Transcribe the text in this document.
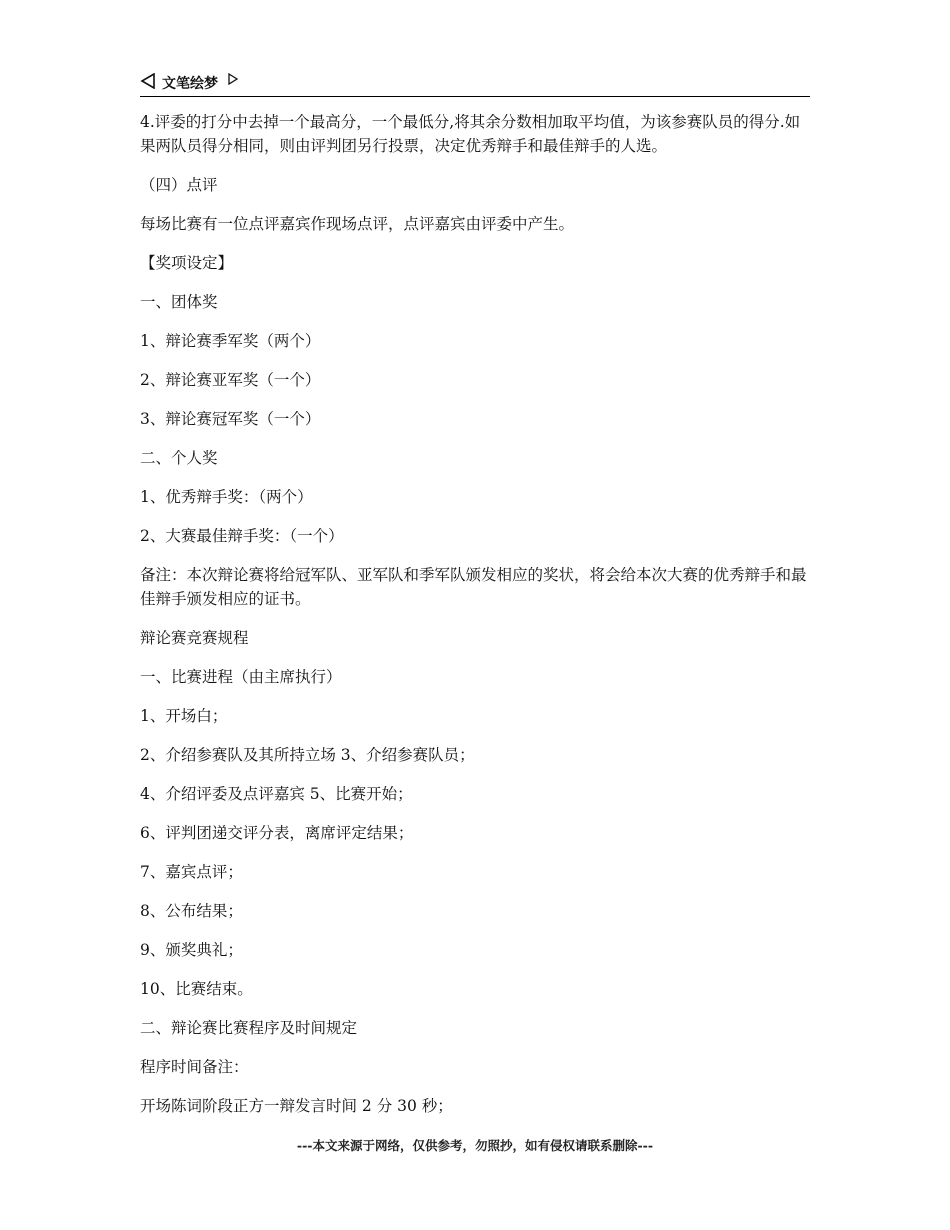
文笔绘梦

4.评委的打分中去掉一个最高分，一个最低分,将其余分数相加取平均值，为该参赛队员的得分.如果两队员得分相同，则由评判团另行投票，决定优秀辩手和最佳辩手的人选。

（四）点评

每场比赛有一位点评嘉宾作现场点评，点评嘉宾由评委中产生。

【奖项设定】

一、团体奖

1、辩论赛季军奖（两个）

2、辩论赛亚军奖（一个）

3、辩论赛冠军奖（一个）

二、个人奖

1、优秀辩手奖：（两个）

2、大赛最佳辩手奖：（一个）

备注：本次辩论赛将给冠军队、亚军队和季军队颁发相应的奖状，将会给本次大赛的优秀辩手和最佳辩手颁发相应的证书。

辩论赛竞赛规程

一、比赛进程（由主席执行）

1、开场白；

2、介绍参赛队及其所持立场 3、介绍参赛队员；

4、介绍评委及点评嘉宾 5、比赛开始；

6、评判团递交评分表，离席评定结果；

7、嘉宾点评；

8、公布结果；

9、颁奖典礼；

10、比赛结束。

二、辩论赛比赛程序及时间规定

程序时间备注：

开场陈词阶段正方一辩发言时间 2 分 30 秒；

---本文来源于网络，仅供参考，勿照抄，如有侵权请联系删除---
